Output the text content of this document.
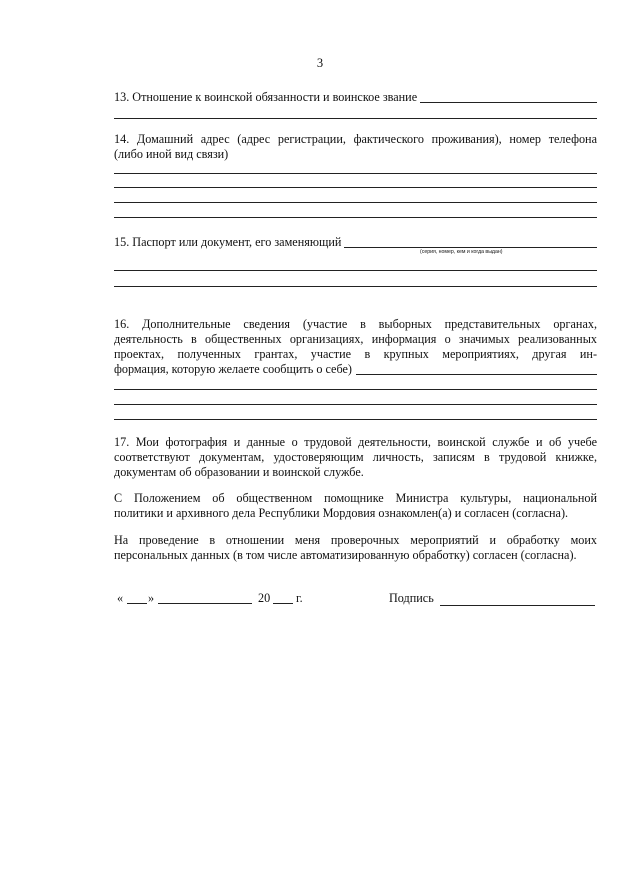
3
13. Отношение к воинской обязанности и воинское звание
14. Домашний адрес (адрес регистрации, фактического проживания), номер телефона
(либо иной вид связи)
15. Паспорт или документ, его заменяющий
(серия, номер, кем и когда выдан)
16. Дополнительные сведения (участие в выборных представительных органах,
деятельность в общественных организациях, информация о значимых реализованных
проектах, полученных грантах, участие в крупных мероприятиях, другая ин-
формация, которую желаете сообщить о себе)
17. Мои фотография и данные о трудовой деятельности, воинской службе и об учебе
соответствуют документам, удостоверяющим личность, записям в трудовой книжке,
документам об образовании и воинской службе.
С Положением об общественном помощнике Министра культуры, национальной
политики и архивного дела Республики Мордовия ознакомлен(а) и согласен (согласна).
На проведение в отношении меня проверочных мероприятий и обработку моих
персональных данных (в том числе автоматизированную обработку) согласен (согласна).
« »	20 г.	Подпись
